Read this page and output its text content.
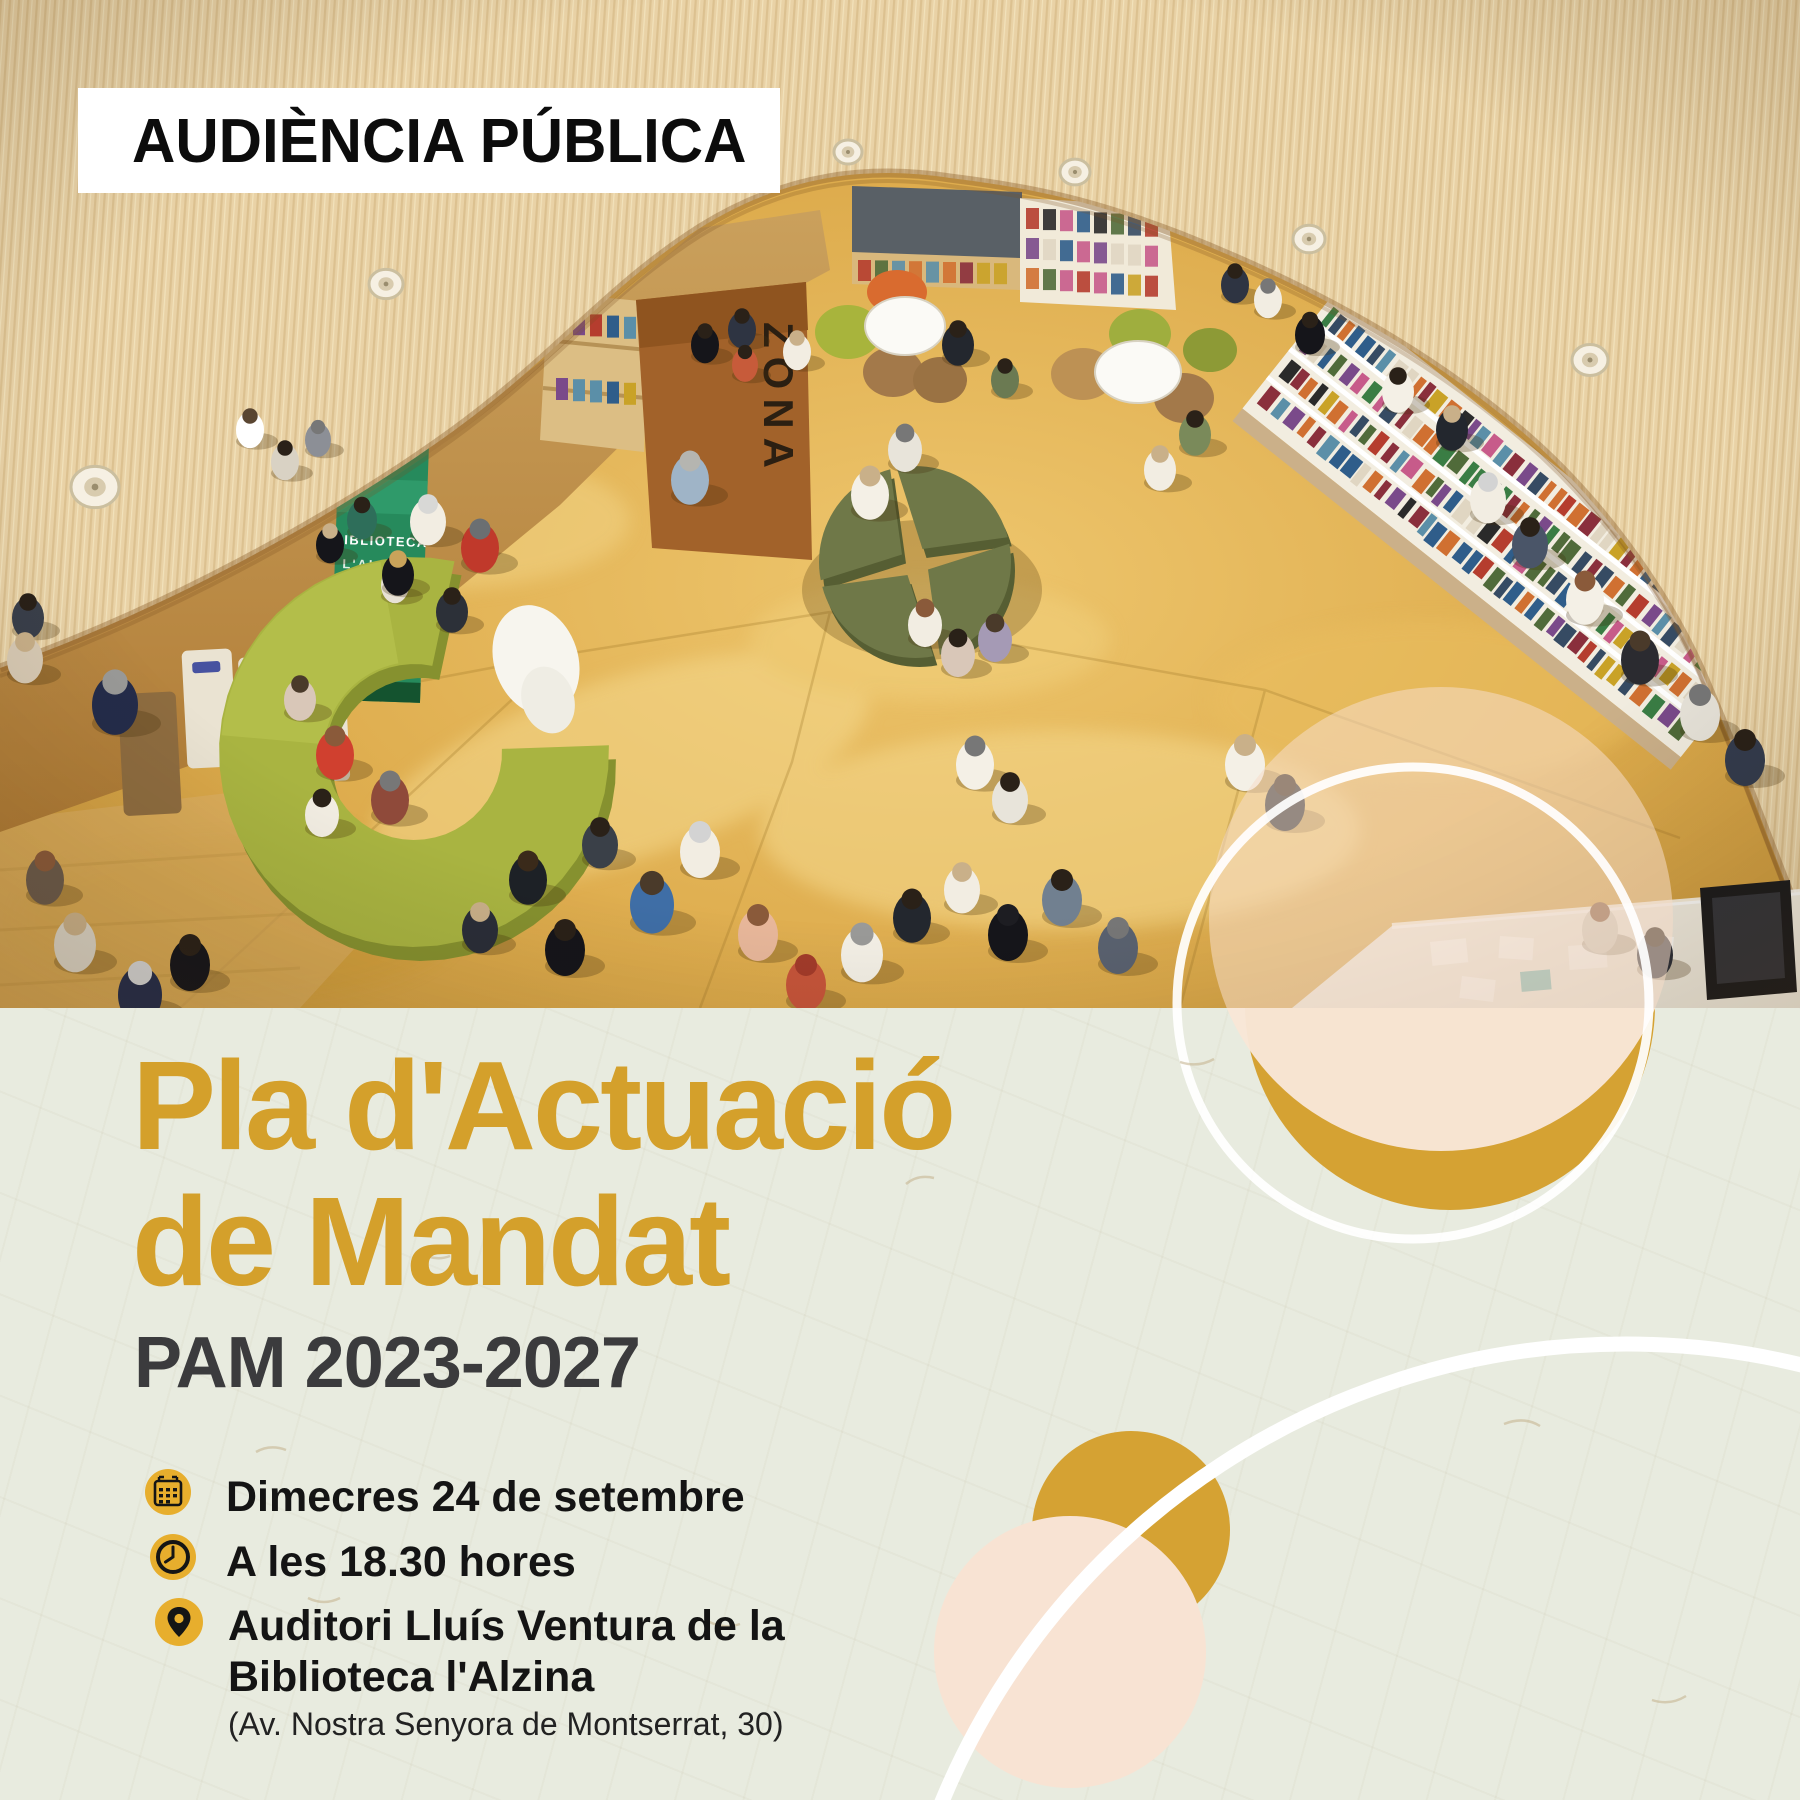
AUDIÈNCIA PÚBLICA
Pla d'Actuació
de Mandat
PAM 2023-2027
Dimecres 24 de setembre
A les 18.30 hores
Auditori Lluís Ventura de la
Biblioteca l'Alzina
(Av. Nostra Senyora de Montserrat, 30)
